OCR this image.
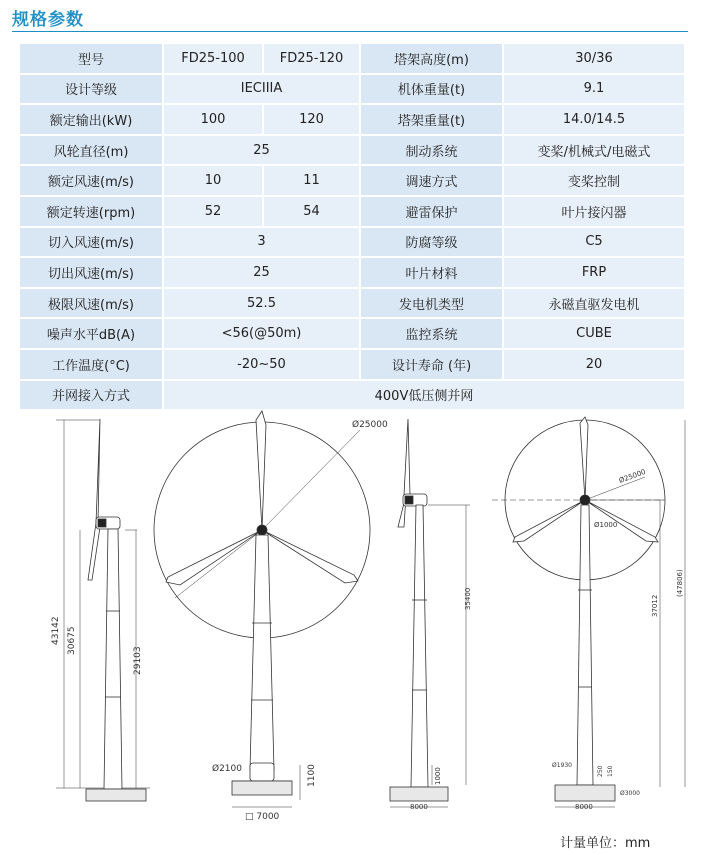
规格参数
型号	FD25-100	FD25-120	塔架高度(m)	30/36
设计等级	IECIIIA		机体重量(t)	9.1
额定输出(kW)	100	120	塔架重量(t)	14.0/14.5
风轮直径(m)	25		制动系统	变桨/机械式/电磁式
额定风速(m/s)	10	11	调速方式	变桨控制
额定转速(rpm)	52	54	避雷保护	叶片接闪器
切入风速(m/s)	3		防腐等级	C5
切出风速(m/s)	25		叶片材料	FRP
极限风速(m/s)	52.5		发电机类型	永磁直驱发电机
噪声水平dB(A)	<56(@50m)		监控系统	CUBE
工作温度(°C)	-20~50		设计寿命 (年)	20
并网接入方式	400V低压侧并网			
43142 30675
29103
Ø25000
Ø2100	1100
□ 7000
35400
1000
8000
Ø25000
Ø1000
37012
(47806)
Ø1930
250 150
Ø3000
8000
计量单位：mm
